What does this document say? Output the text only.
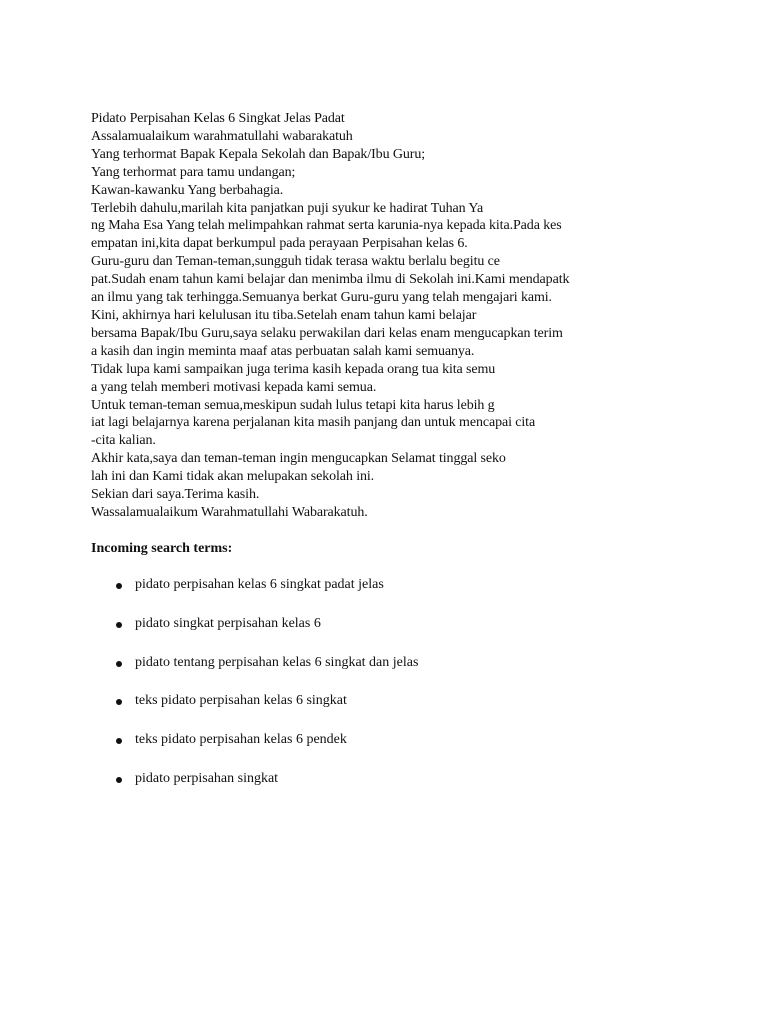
Pidato Perpisahan Kelas 6 Singkat Jelas Padat
Assalamualaikum warahmatullahi wabarakatuh
Yang terhormat Bapak Kepala Sekolah dan Bapak/Ibu Guru;
Yang terhormat para tamu undangan;
Kawan-kawanku Yang berbahagia.
Terlebih dahulu,marilah kita panjatkan puji syukur ke hadirat Tuhan Ya
ng Maha Esa Yang telah melimpahkan rahmat serta karunia-nya kepada kita.Pada kes
empatan ini,kita dapat berkumpul pada perayaan Perpisahan kelas 6.
Guru-guru dan Teman-teman,sungguh tidak terasa waktu berlalu begitu ce
pat.Sudah enam tahun kami belajar dan menimba ilmu di Sekolah ini.Kami mendapatk
an ilmu yang tak terhingga.Semuanya berkat Guru-guru yang telah mengajari kami.
Kini, akhirnya hari kelulusan itu tiba.Setelah enam tahun kami belajar
bersama Bapak/Ibu Guru,saya selaku perwakilan dari kelas enam mengucapkan terim
a kasih dan ingin meminta maaf atas perbuatan salah kami semuanya.
Tidak lupa kami sampaikan juga terima kasih kepada orang tua kita semu
a yang telah memberi motivasi kepada kami semua.
Untuk teman-teman semua,meskipun sudah lulus tetapi kita harus lebih g
iat lagi belajarnya karena perjalanan kita masih panjang dan untuk mencapai cita
-cita kalian.
Akhir kata,saya dan teman-teman ingin mengucapkan Selamat tinggal seko
lah ini dan Kami tidak akan melupakan sekolah ini.
Sekian dari saya.Terima kasih.
Wassalamualaikum Warahmatullahi Wabarakatuh.
Incoming search terms:
pidato perpisahan kelas 6 singkat padat jelas
pidato singkat perpisahan kelas 6
pidato tentang perpisahan kelas 6 singkat dan jelas
teks pidato perpisahan kelas 6 singkat
teks pidato perpisahan kelas 6 pendek
pidato perpisahan singkat
